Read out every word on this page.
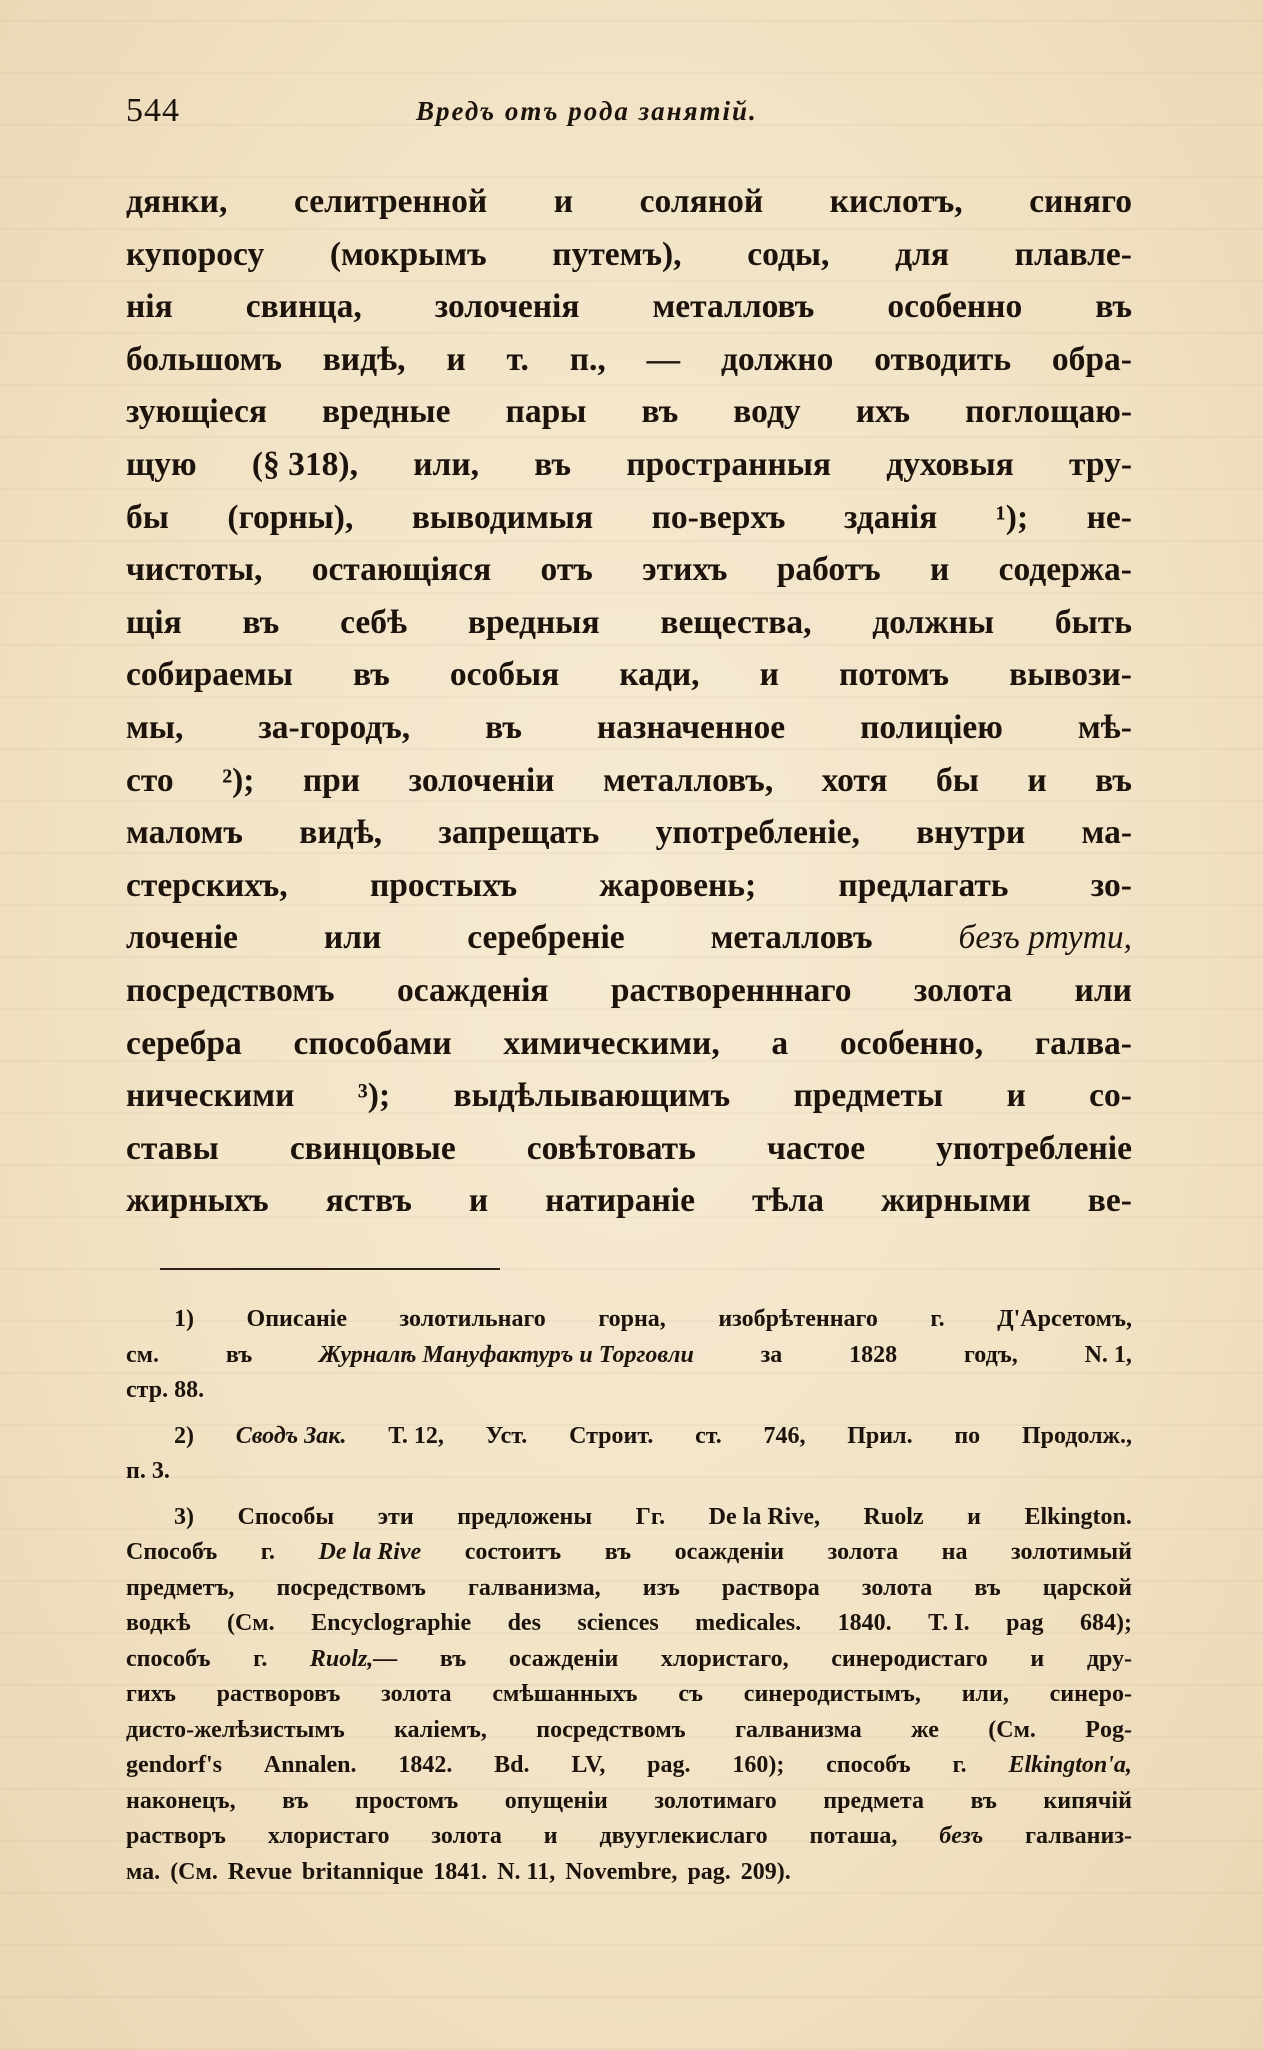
544	Вредъ отъ рода занятій.
дянки, селитренной и соляной кислотъ, синяго
купоросу (мокрымъ путемъ), соды, для плавле-
нія свинца, золоченія металловъ особенно въ
большомъ видѣ, и т. п., — должно отводить обра-
зующіеся вредные пары въ воду ихъ поглощаю-
щую (§ 318), или, въ пространныя духовыя тру-
бы (горны), выводимыя по-верхъ зданія ¹); не-
чистоты, остающіяся отъ этихъ работъ и содержа-
щія въ себѣ вредныя вещества, должны быть
собираемы въ особыя кади, и потомъ вывози-
мы, за-городъ, въ назначенное полиціею мѣ-
сто ²); при золоченіи металловъ, хотя бы и въ
маломъ видѣ, запрещать употребленіе, внутри ма-
стерскихъ, простыхъ жаровень; предлагать зо-
лоченіе	или	серебреніе	металловъ	безъ ртути,
посредствомъ осажденія растворенннаго золота или
серебра способами химическими, а особенно, галва-
ническими ³); выдѣлывающимъ предметы и со-
ставы свинцовые совѣтовать частое употребленіе
жирныхъ яствъ и натираніе тѣла жирными ве-
1) Описаніе золотильнаго горна, изобрѣтеннаго г. Д'Арсетомъ,
см.	въ	Журналѣ Мануфактуръ и Торговли	за	1828	годъ,	N. 1,
стр. 88.
2) Сводъ Зак. Т. 12, Уст. Строит. ст. 746, Прил. по Продолж.,
п. 3.
3) Способы эти предложены Гг. De la Rive, Ruolz и Elkington.
Способъ г. De la Rive состоитъ въ осажденіи золота на золотимый
предметъ, посредствомъ галванизма, изъ раствора золота въ царской
водкѣ (См. Encyclographie des sciences medicales. 1840. T. I. pag 684);
способъ г. Ruolz,— въ осажденіи хлористаго, синеродистаго и дру-
гихъ растворовъ золота смѣшанныхъ съ синеродистымъ, или, синеро-
дисто-желѣзистымъ каліемъ, посредствомъ галванизма же (См. Pog-
gendorf's Annalen. 1842. Bd. LV, pag. 160); способъ г. Elkington'a,
наконецъ, въ простомъ опущеніи золотимаго предмета въ кипячій
растворъ хлористаго золота и двууглекислаго поташа, безъ галваниз-
ма. (См. Revue britannique 1841. N. 11, Novembre, pag. 209).
